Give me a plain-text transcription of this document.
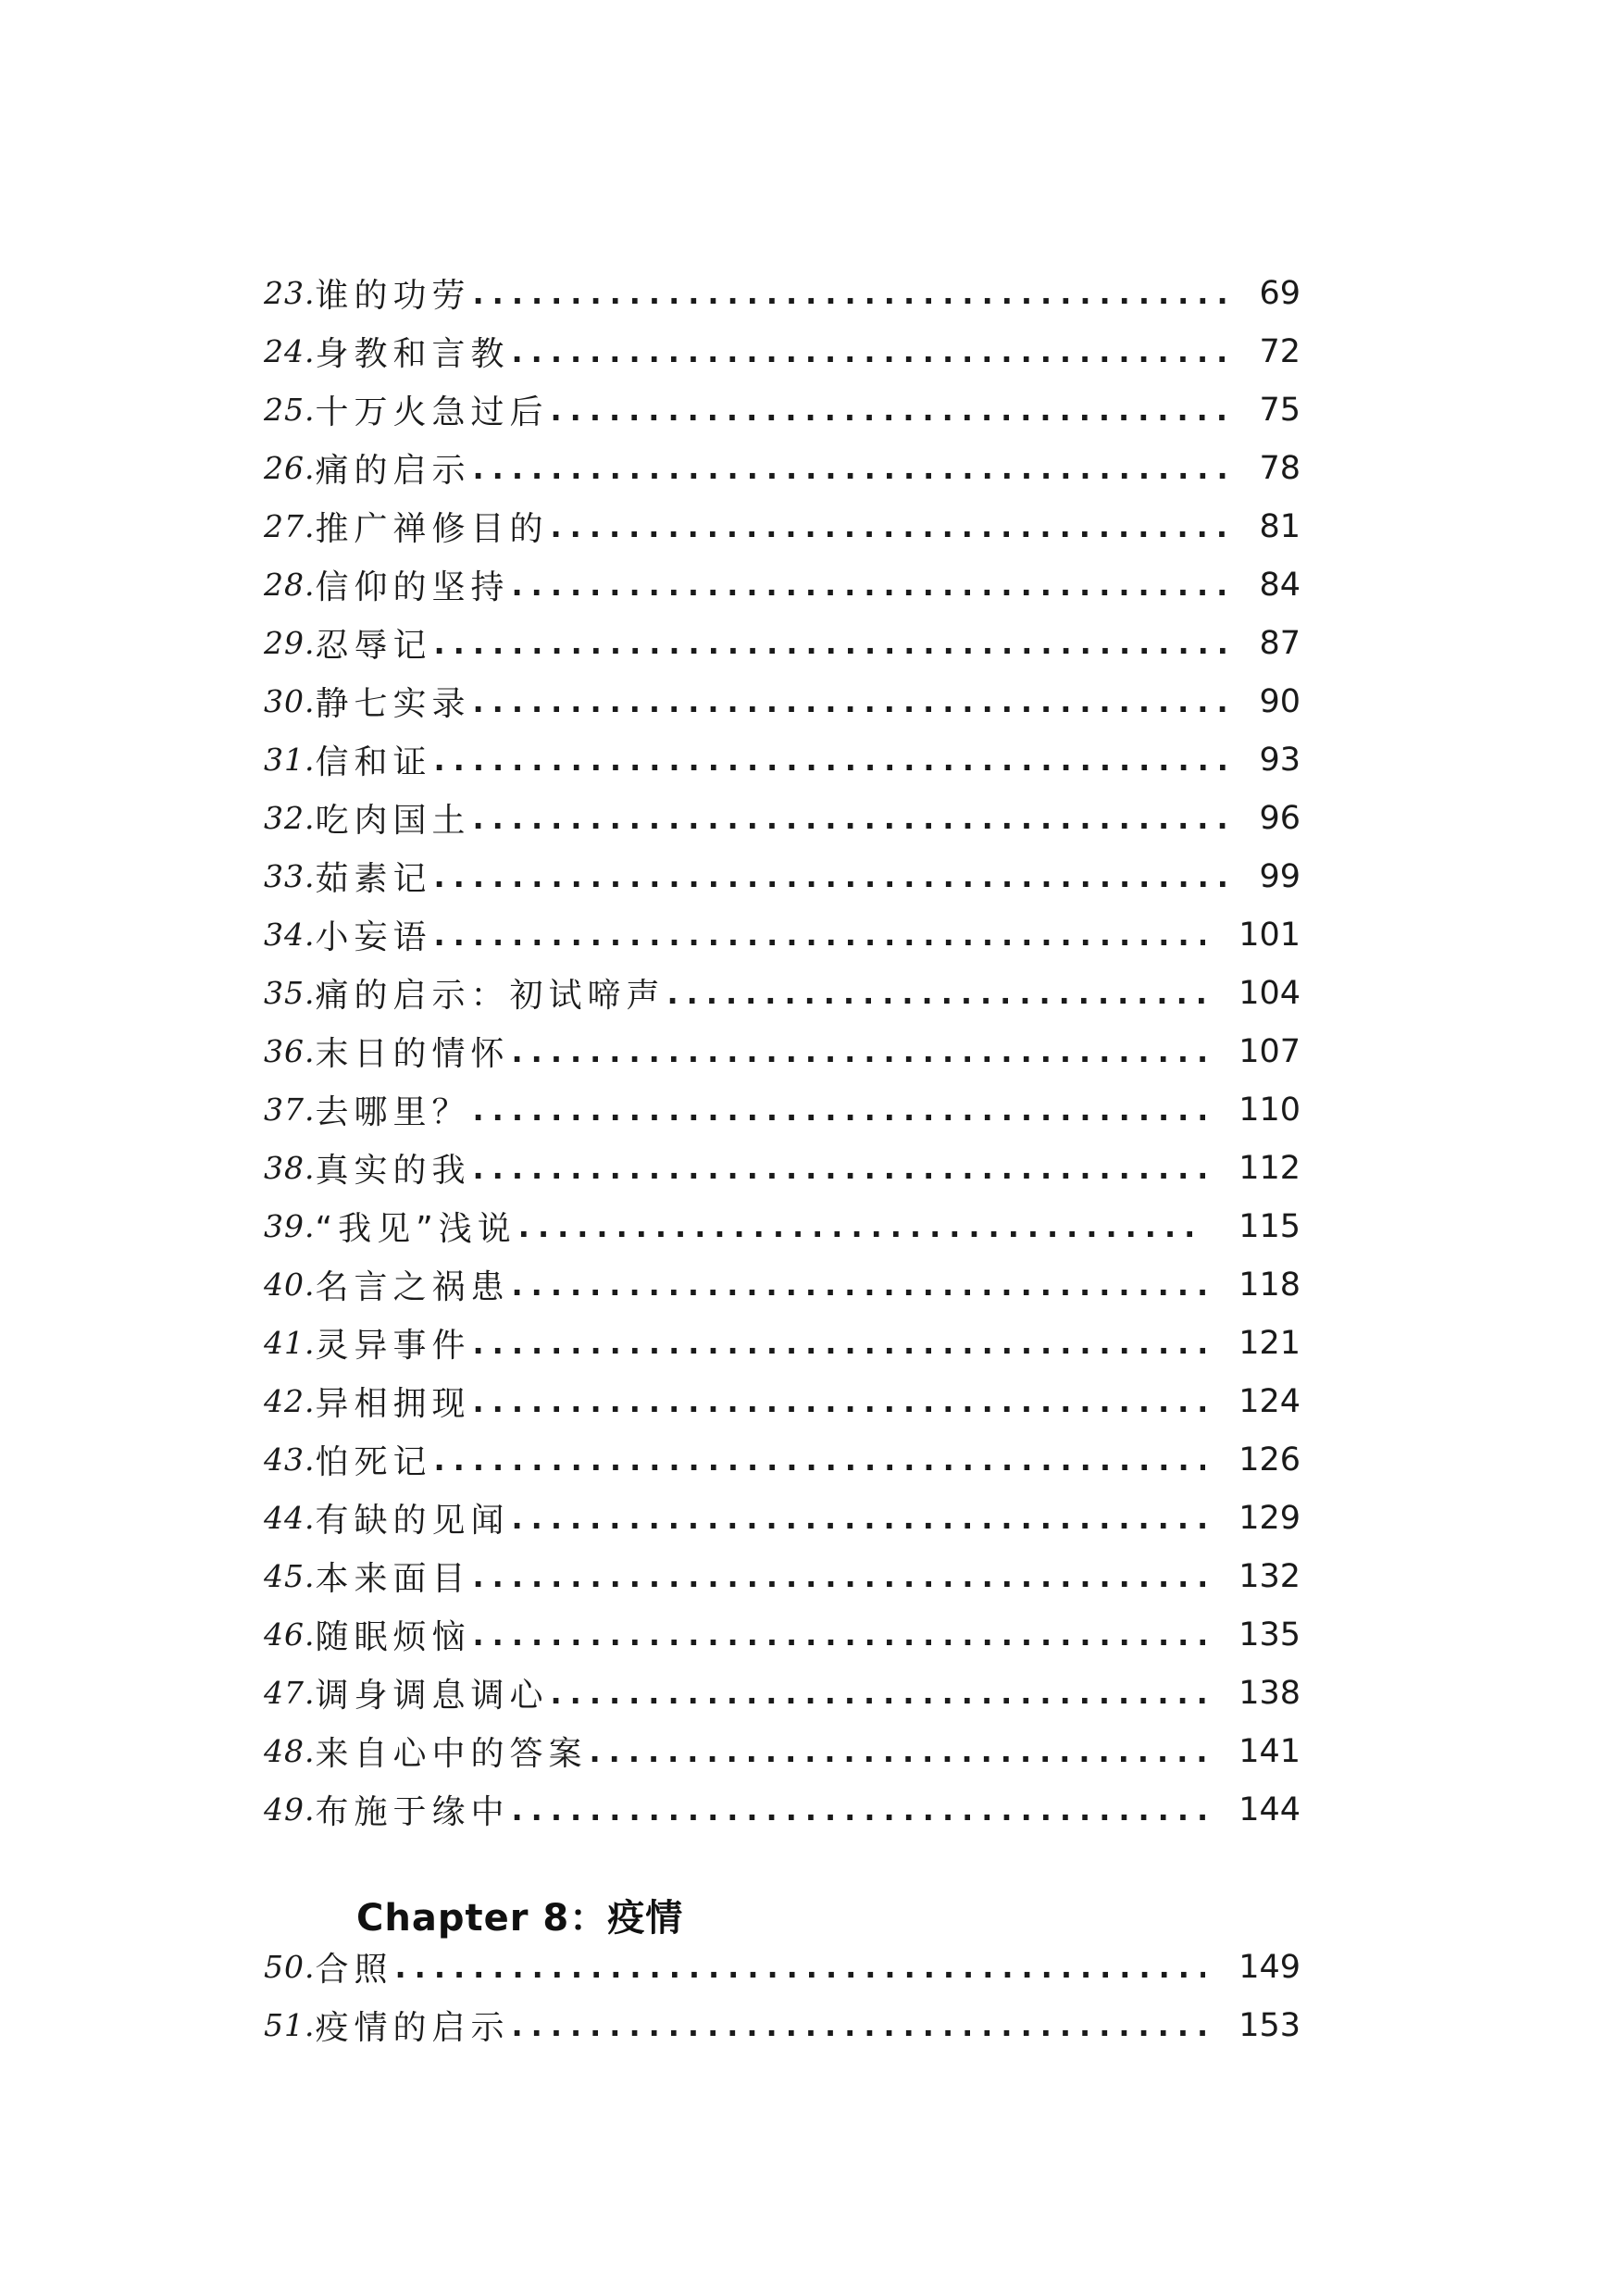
23. 谁的功劳 .....	69
24. 身教和言教 .....	72
25. 十万火急过后 .....	75
26. 痛的启示 .....	78
27. 推广禅修目的 .....	81
28. 信仰的坚持 .....	84
29. 忍辱记 .....	87
30. 静七实录 .....	90
31. 信和证 .....	93
32. 吃肉国土 .....	96
33. 茹素记 .....	99
34. 小妄语 .....	101
35. 痛的启示：初试啼声 .....	104
36. 末日的情怀 .....	107
37. 去哪里？ .....	110
38. 真实的我 .....	112
39. “我见”浅说 .....	115
40. 名言之祸患 .....	118
41. 灵异事件 .....	121
42. 异相拥现 .....	124
43. 怕死记 .....	126
44. 有缺的见闻 .....	129
45. 本来面目 .....	132
46. 随眠烦恼 .....	135
47. 调身调息调心 .....	138
48. 来自心中的答案 .....	141
49. 布施于缘中 .....	144
Chapter 8：疫情
50. 合照 .....	149
51. 疫情的启示 .....	153
